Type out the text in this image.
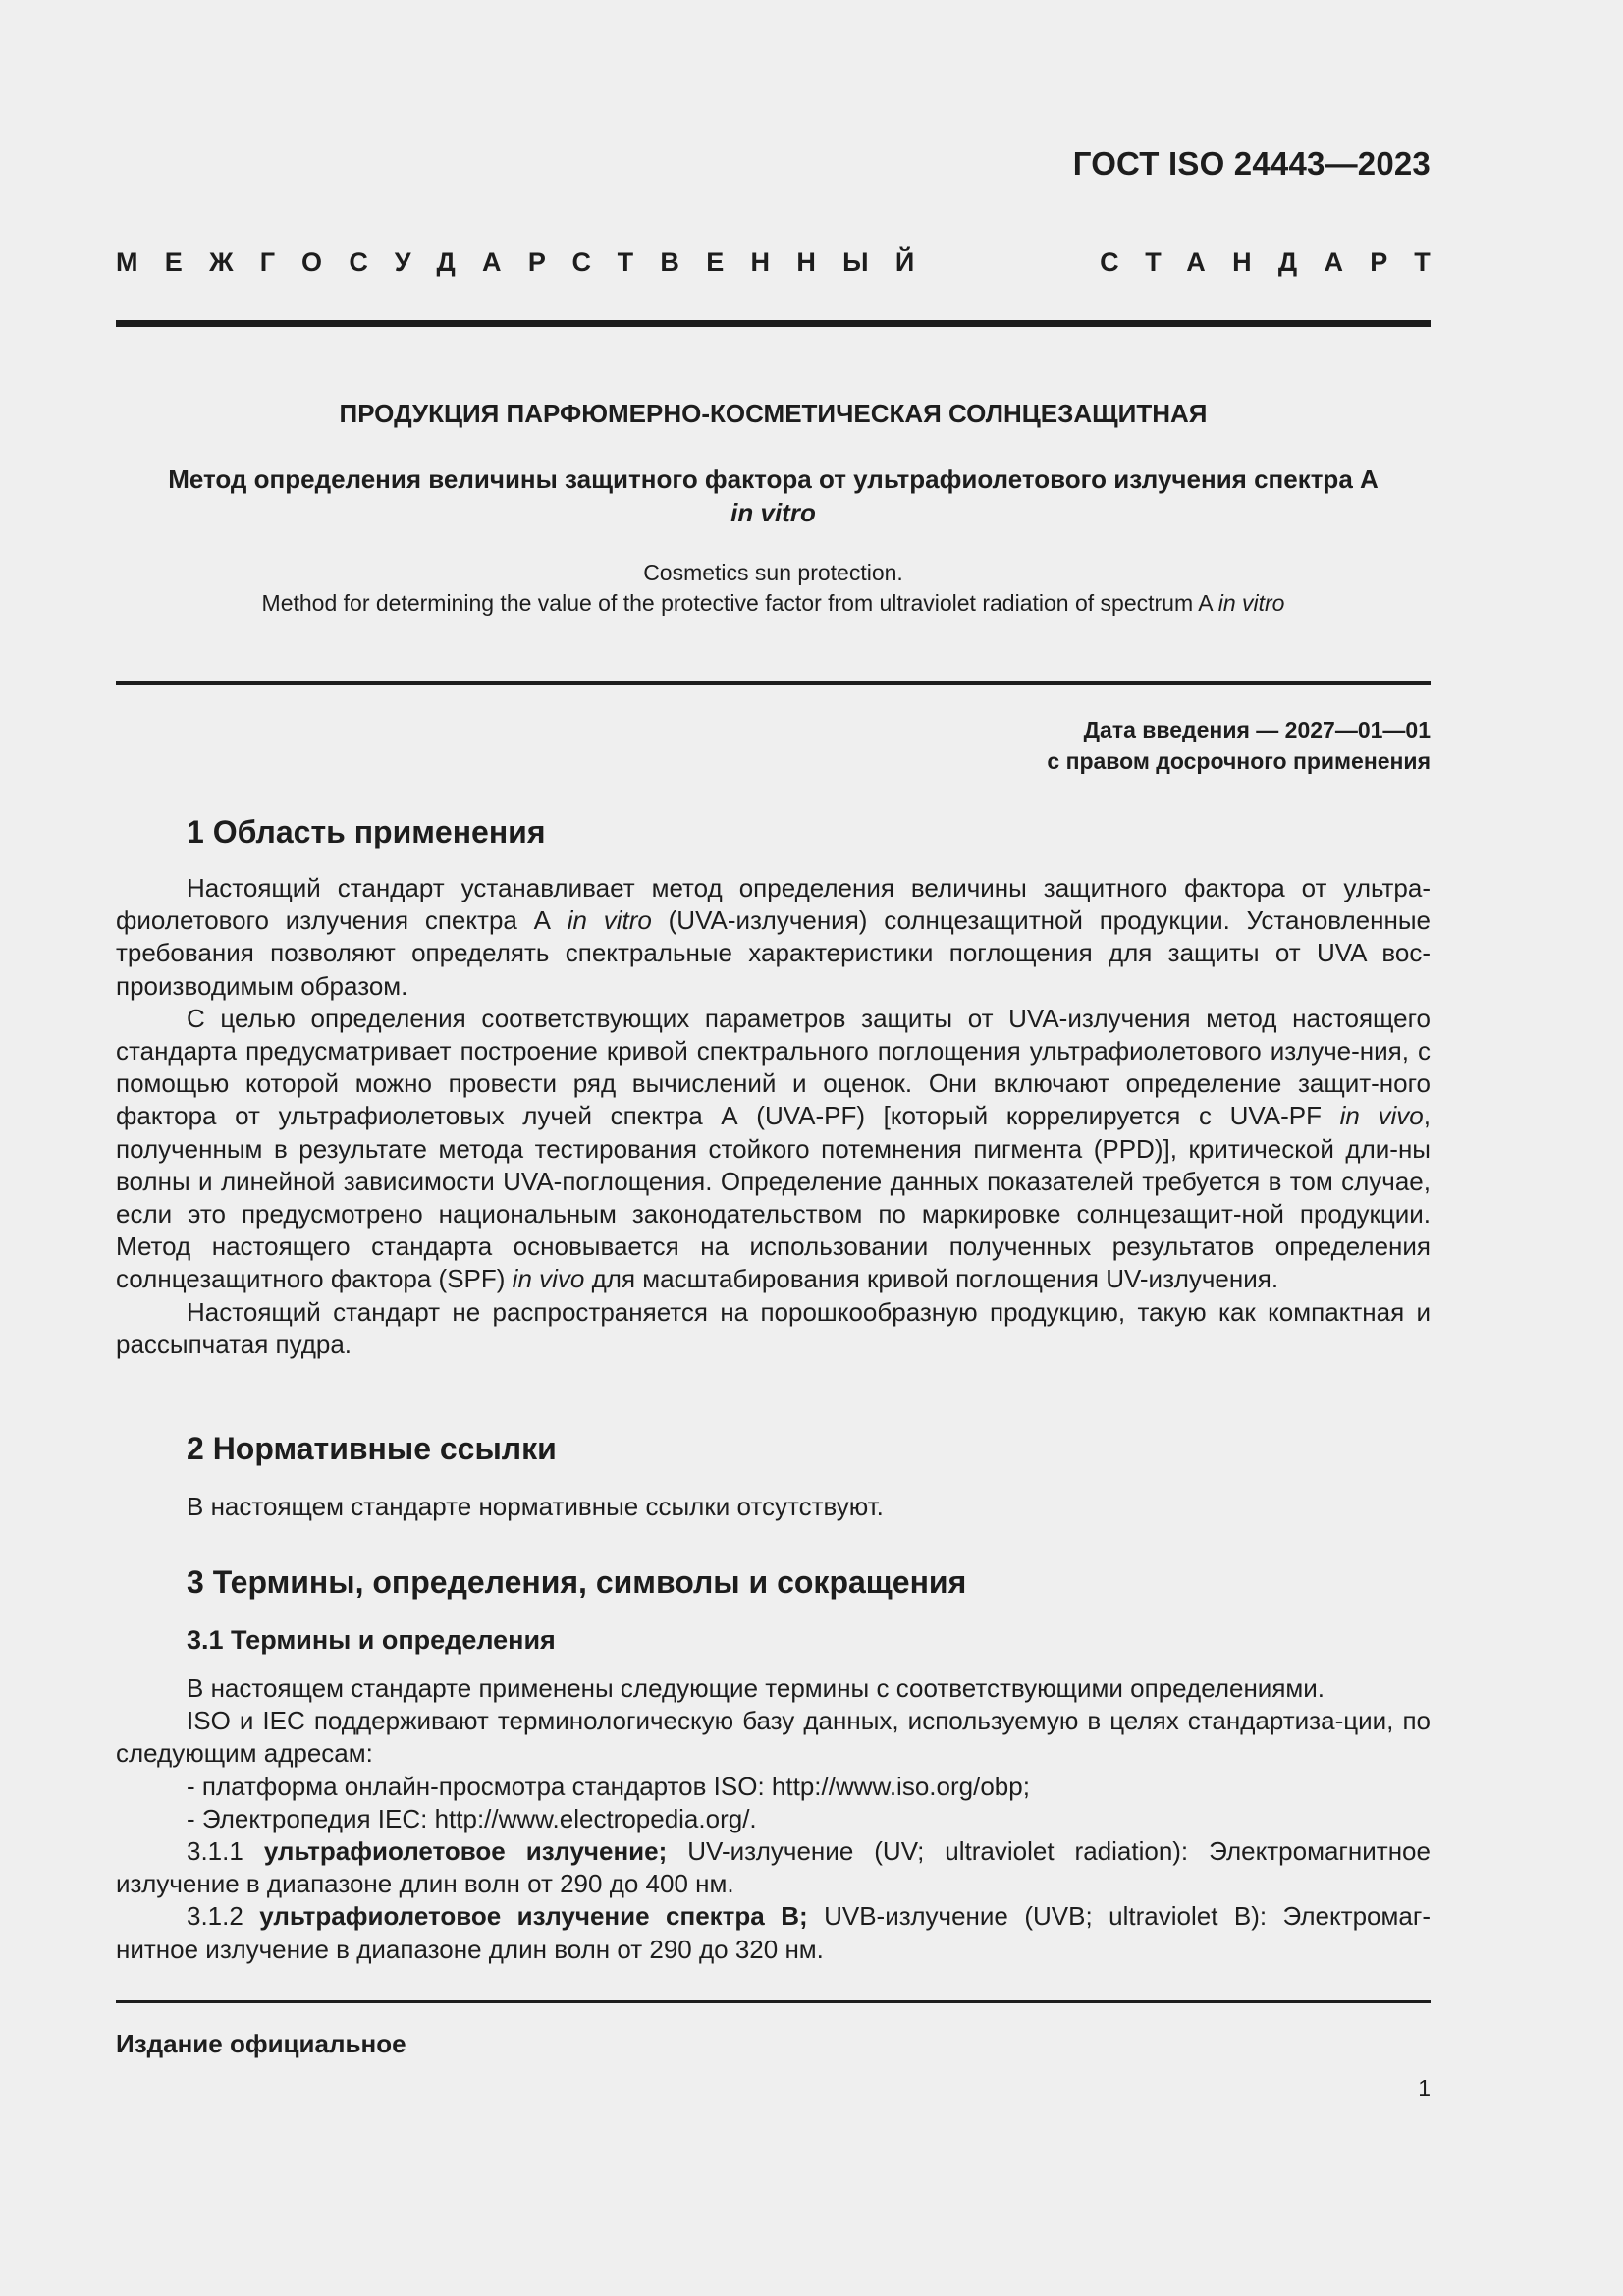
ГОСТ ISO 24443—2023
МЕЖГОСУДАРСТВЕННЫЙ	СТАНДАРТ
ПРОДУКЦИЯ ПАРФЮМЕРНО-КОСМЕТИЧЕСКАЯ СОЛНЦЕЗАЩИТНАЯ
Метод определения величины защитного фактора от ультрафиолетового излучения спектра А
in vitro
Cosmetics sun protection.
Method for determining the value of the protective factor from ultraviolet radiation of spectrum A in vitro
Дата введения — 2027—01—01
с правом досрочного применения
1 Область применения

Настоящий стандарт устанавливает метод определения величины защитного фактора от ультра-фиолетового излучения спектра А in vitro (UVA-излучения) солнцезащитной продукции. Установленные требования позволяют определять спектральные характеристики поглощения для защиты от UVA вос-производимым образом.

С целью определения соответствующих параметров защиты от UVA-излучения метод настоящего стандарта предусматривает построение кривой спектрального поглощения ультрафиолетового излуче-ния, с помощью которой можно провести ряд вычислений и оценок. Они включают определение защит-ного фактора от ультрафиолетовых лучей спектра А (UVA-PF) [который коррелируется с UVA-PF in vivo, полученным в результате метода тестирования стойкого потемнения пигмента (PPD)], критической дли-ны волны и линейной зависимости UVA-поглощения. Определение данных показателей требуется в том случае, если это предусмотрено национальным законодательством по маркировке солнцезащит-ной продукции. Метод настоящего стандарта основывается на использовании полученных результатов определения солнцезащитного фактора (SPF) in vivo для масштабирования кривой поглощения UV-излучения.

Настоящий стандарт не распространяется на порошкообразную продукцию, такую как компактная и рассыпчатая пудра.

2 Нормативные ссылки

В настоящем стандарте нормативные ссылки отсутствуют.

3 Термины, определения, символы и сокращения
3.1 Термины и определения

В настоящем стандарте применены следующие термины с соответствующими определениями.

ISO и IEC поддерживают терминологическую базу данных, используемую в целях стандартиза-ции, по следующим адресам:

- платформа онлайн-просмотра стандартов ISO: http://www.iso.org/obp;

- Электропедия IEC: http://www.electropedia.org/.

3.1.1 ультрафиолетовое излучение; UV-излучение (UV; ultraviolet radiation): Электромагнитное излучение в диапазоне длин волн от 290 до 400 нм.

3.1.2 ультрафиолетовое излучение спектра В; UVB-излучение (UVB; ultraviolet B): Электромаг-нитное излучение в диапазоне длин волн от 290 до 320 нм.

Издание официальное
1
